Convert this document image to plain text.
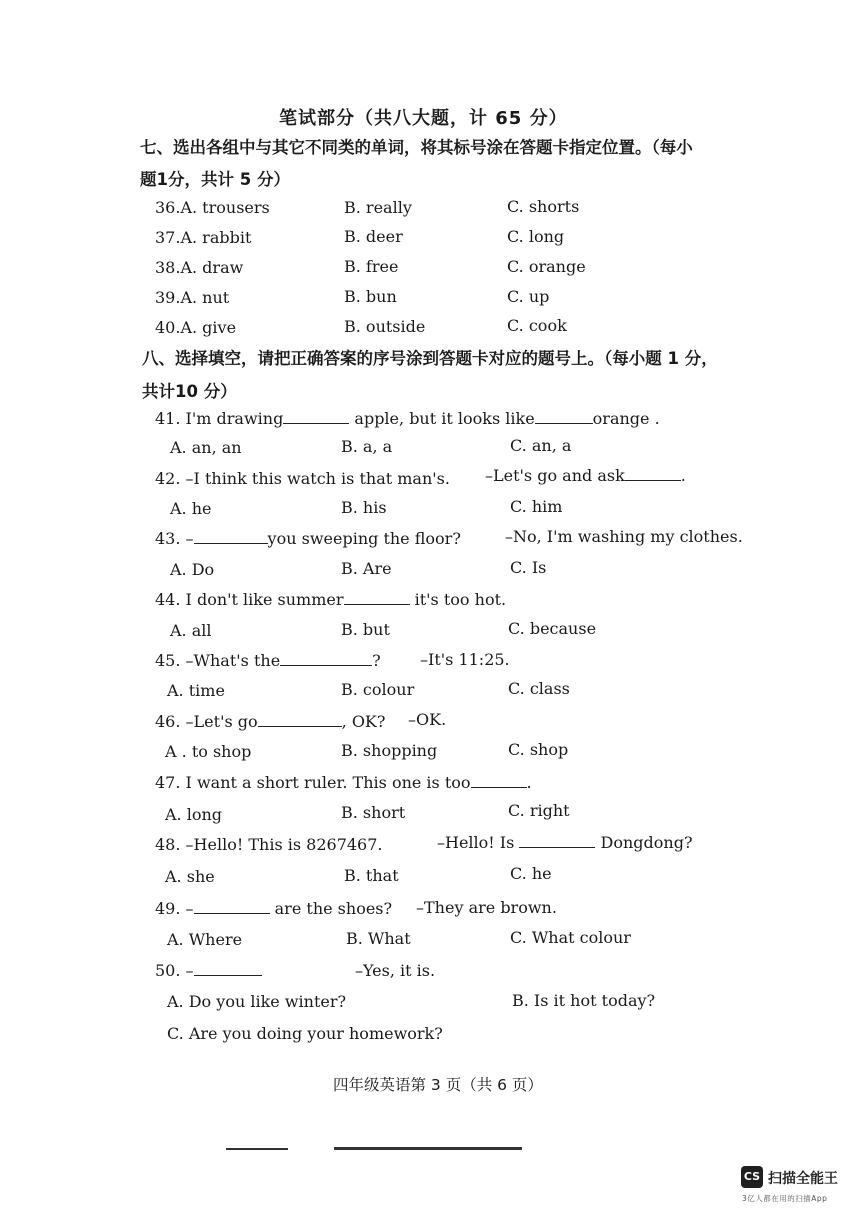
笔试部分（共八大题，计 65 分）
七、选出各组中与其它不同类的单词，将其标号涂在答题卡指定位置。（每小
题1分，共计 5 分）
36.A. trousers	B. really	C. shorts
37.A. rabbit	B. deer	C. long
38.A. draw	B. free	C. orange
39.A. nut	B. bun	C. up
40.A. give	B. outside	C. cook
八、选择填空，请把正确答案的序号涂到答题卡对应的题号上。（每小题 1 分，
共计10 分）
41. I'm drawing	apple, but it looks like	orange .
A. an, an	B. a, a	C. an, a
42. –I think this watch is that man's. –Let's go and ask	.
A. he	B. his	C. him
43. –	you sweeping the floor?	–No, I'm washing my clothes.
A. Do	B. Are	C. Is
44. I don't like summer	it's too hot.
A. all	B. but	C. because
45. –What's the	? –It's 11:25.
A. time	B. colour	C. class
46. –Let's go	, OK? –OK.
A . to shop	B. shopping	C. shop
47. I want a short ruler. This one is too	.
A. long	B. short	C. right
48. –Hello! This is 8267467.	–Hello! Is	Dongdong?
A. she	B. that	C. he
49. –	are the shoes? –They are brown.
A. Where	B. What	C. What colour
50. –	–Yes, it is.
A. Do you like winter?	B. Is it hot today?
C. Are you doing your homework?
四年级英语第 3 页（共 6 页）
CS 扫描全能王
3亿人都在用的扫描App
